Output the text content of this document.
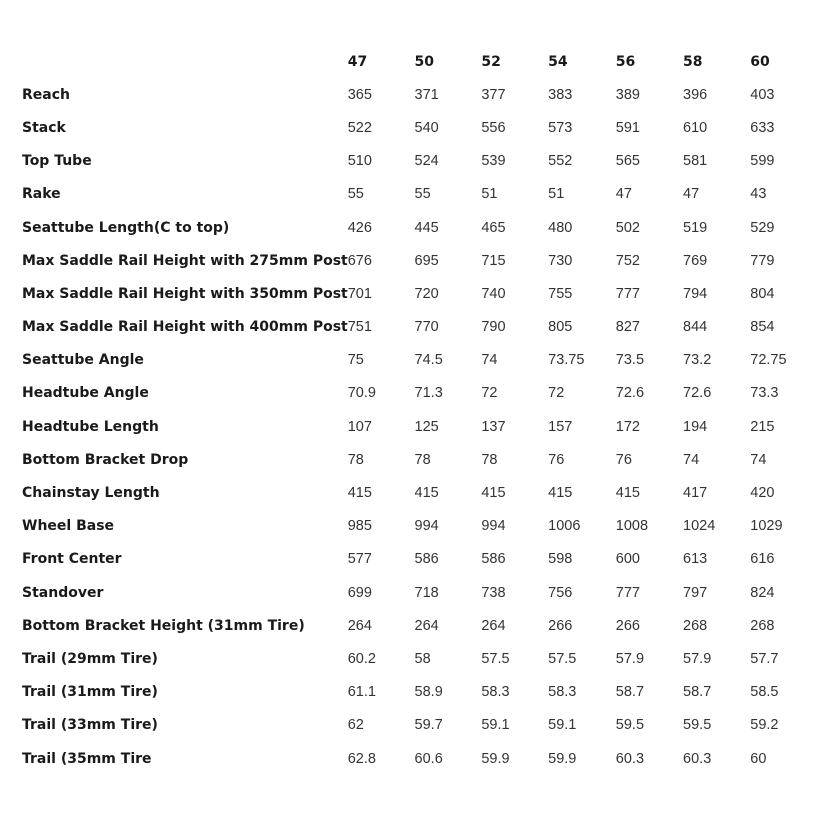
	47	50	52	54	56	58	60
Reach	365	371	377	383	389	396	403
Stack	522	540	556	573	591	610	633
Top Tube	510	524	539	552	565	581	599
Rake	55	55	51	51	47	47	43
Seattube Length(C to top)	426	445	465	480	502	519	529
Max Saddle Rail Height with 275mm Post	676	695	715	730	752	769	779
Max Saddle Rail Height with 350mm Post	701	720	740	755	777	794	804
Max Saddle Rail Height with 400mm Post	751	770	790	805	827	844	854
Seattube Angle	75	74.5	74	73.75	73.5	73.2	72.75
Headtube Angle	70.9	71.3	72	72	72.6	72.6	73.3
Headtube Length	107	125	137	157	172	194	215
Bottom Bracket Drop	78	78	78	76	76	74	74
Chainstay Length	415	415	415	415	415	417	420
Wheel Base	985	994	994	1006	1008	1024	1029
Front Center	577	586	586	598	600	613	616
Standover	699	718	738	756	777	797	824
Bottom Bracket Height (31mm Tire)	264	264	264	266	266	268	268
Trail (29mm Tire)	60.2	58	57.5	57.5	57.9	57.9	57.7
Trail (31mm Tire)	61.1	58.9	58.3	58.3	58.7	58.7	58.5
Trail (33mm Tire)	62	59.7	59.1	59.1	59.5	59.5	59.2
Trail (35mm Tire	62.8	60.6	59.9	59.9	60.3	60.3	60
